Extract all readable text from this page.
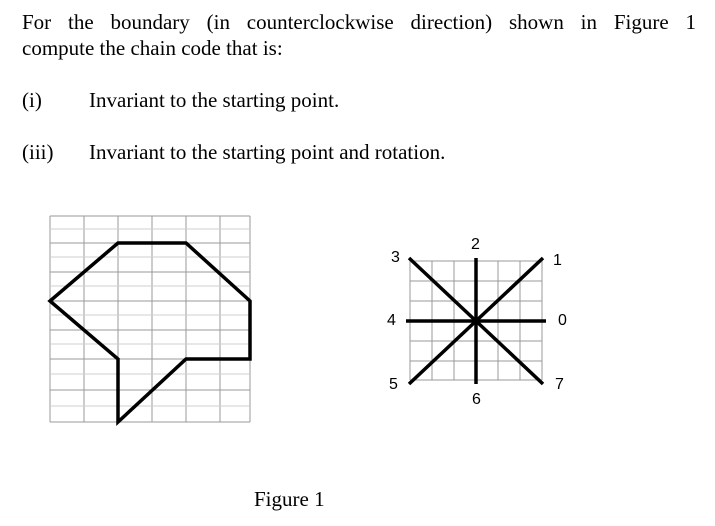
For the boundary (in counterclockwise direction) shown in Figure 1
compute the chain code that is:
(i) Invariant to the starting point.
(iii) Invariant to the starting point and rotation.
0
1
2
3
4
5
6
7
Figure 1
